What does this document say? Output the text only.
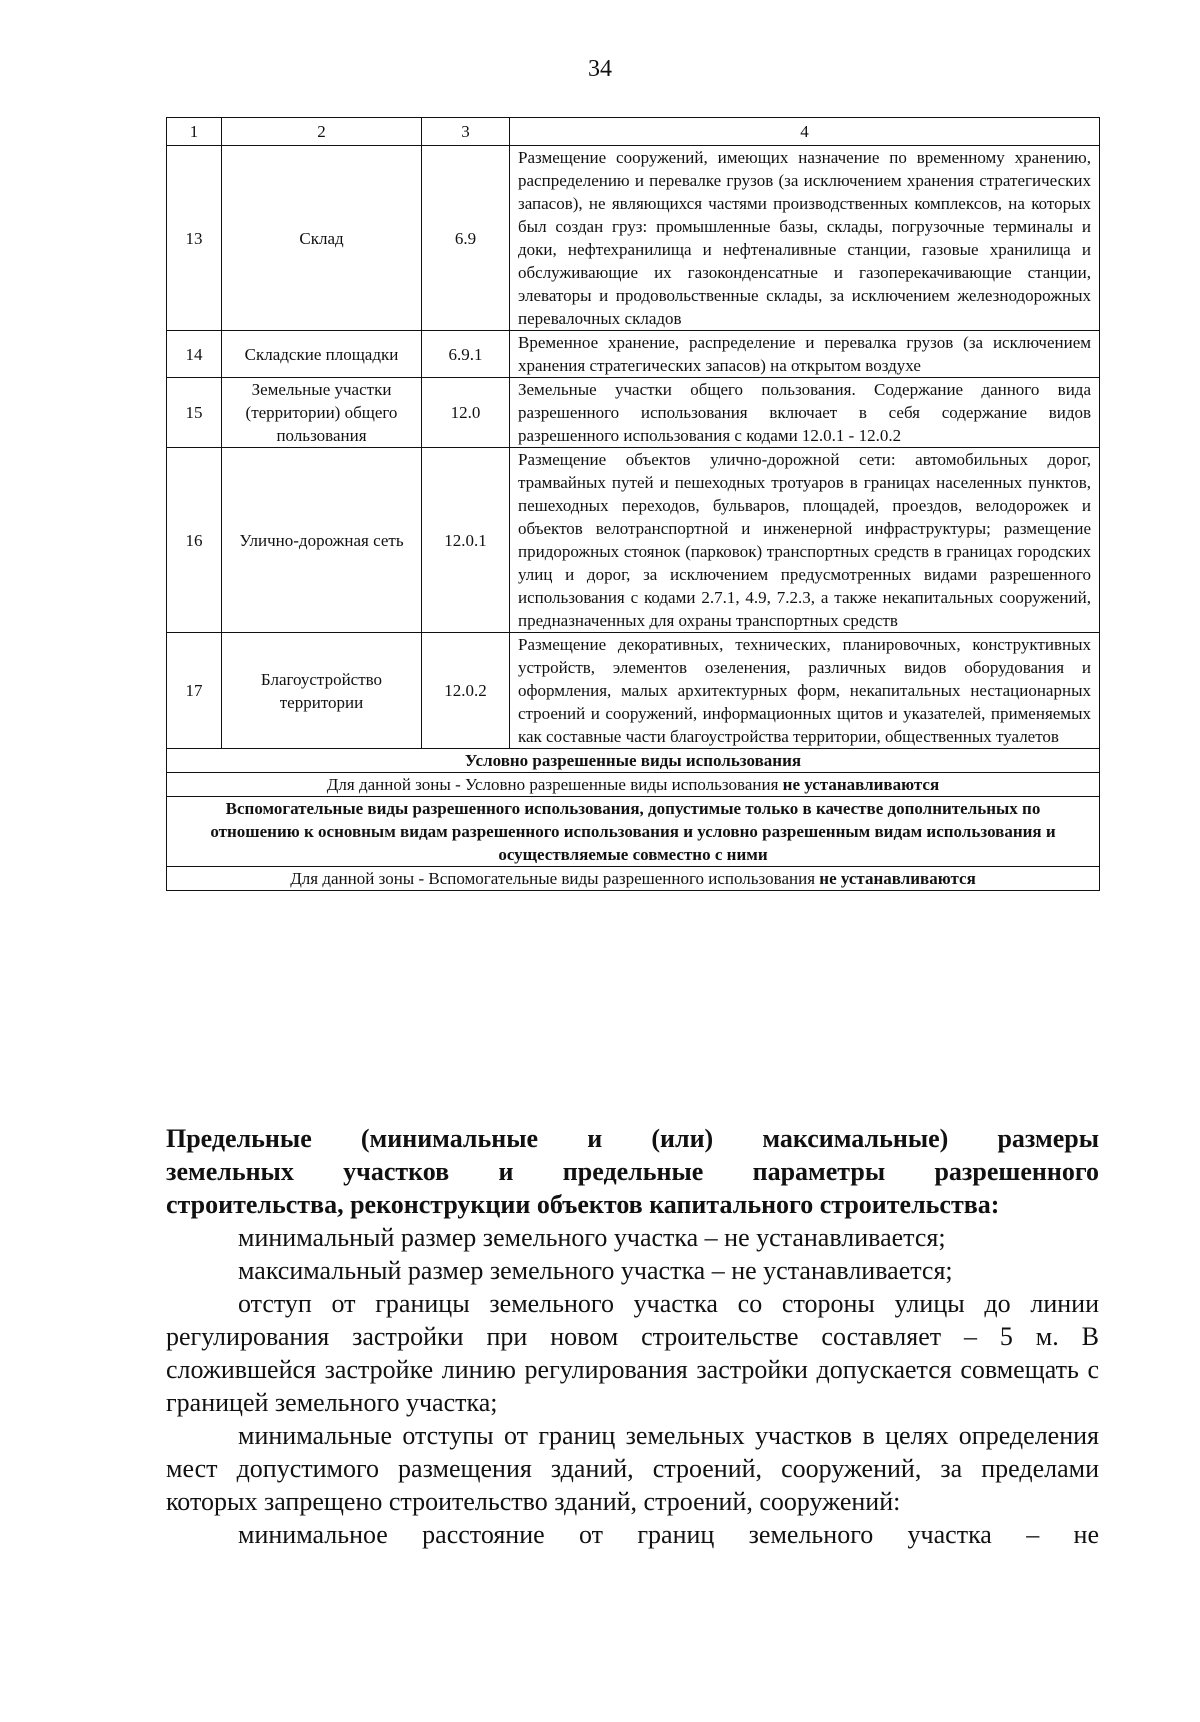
34
1	2	3	4
13	Склад	6.9	Размещение сооружений, имеющих назначение по временному хранению, распределению и перевалке грузов (за исключением хранения стратегических запасов), не являющихся частями производственных комплексов, на которых был создан груз: промышленные базы, склады, погрузочные терминалы и доки, нефтехранилища и нефтеналивные станции, газовые хранилища и обслуживающие их газоконденсатные и газоперекачивающие станции, элеваторы и продовольственные склады, за исключением железнодорожных перевалочных складов
14	Складские площадки	6.9.1	Временное хранение, распределение и перевалка грузов (за исключением хранения стратегических запасов) на открытом воздухе
15	Земельные участки (территории) общего пользования	12.0	Земельные участки общего пользования. Содержание данного вида разрешенного использования включает в себя содержание видов разрешенного использования с кодами 12.0.1 - 12.0.2
16	Улично-дорожная сеть	12.0.1	Размещение объектов улично-дорожной сети: автомобильных дорог, трамвайных путей и пешеходных тротуаров в границах населенных пунктов, пешеходных переходов, бульваров, площадей, проездов, велодорожек и объектов велотранспортной и инженерной инфраструктуры; размещение придорожных стоянок (парковок) транспортных средств в границах городских улиц и дорог, за исключением предусмотренных видами разрешенного использования с кодами 2.7.1, 4.9, 7.2.3, а также некапитальных сооружений, предназначенных для охраны транспортных средств
17	Благоустройство территории	12.0.2	Размещение декоративных, технических, планировочных, конструктивных устройств, элементов озеленения, различных видов оборудования и оформления, малых архитектурных форм, некапитальных нестационарных строений и сооружений, информационных щитов и указателей, применяемых как составные части благоустройства территории, общественных туалетов
Условно разрешенные виды использования			
Для данной зоны - Условно разрешенные виды использования не устанавливаются			
Вспомогательные виды разрешенного использования, допустимые только в качестве дополнительных по отношению к основным видам разрешенного использования и условно разрешенным видам использования и осуществляемые совместно с ними			
Для данной зоны - Вспомогательные виды разрешенного использования не устанавливаются			

Предельные (минимальные и (или) максимальные) размеры

земельных участков и предельные параметры разрешенного

строительства, реконструкции объектов капитального строительства:

минимальный размер земельного участка – не устанавливается;

максимальный размер земельного участка – не устанавливается;

отступ от границы земельного участка со стороны улицы до линии регулирования застройки при новом строительстве составляет – 5 м. В сложившейся застройке линию регулирования застройки допускается совмещать с границей земельного участка;

минимальные отступы от границ земельных участков в целях определения мест допустимого размещения зданий, строений, сооружений, за пределами которых запрещено строительство зданий, строений, сооружений:

минимальное расстояние от границ земельного участка – не
